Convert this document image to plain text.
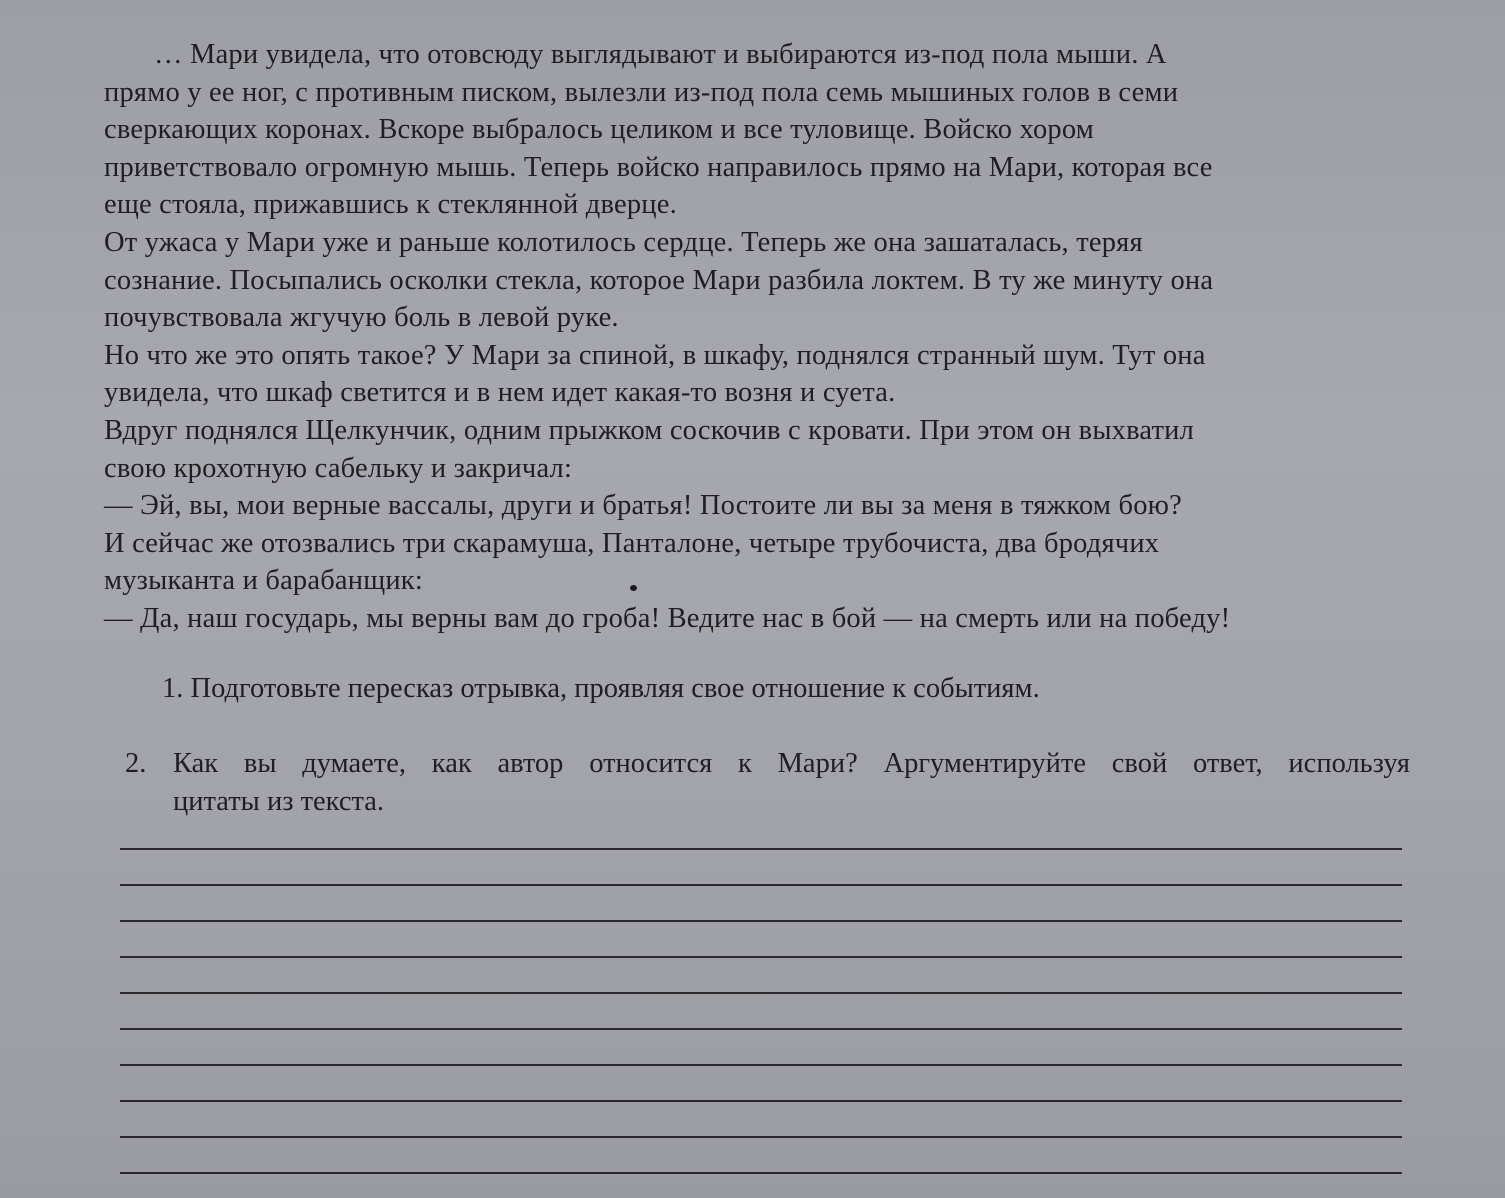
… Мари увидела, что отовсюду выглядывают и выбираются из-под пола мыши. А
прямо у ее ног, с противным писком, вылезли из-под пола семь мышиных голов в семи
сверкающих коронах. Вскоре выбралось целиком и все туловище. Войско хором
приветствовало огромную мышь. Теперь войско направилось прямо на Мари, которая все
еще стояла, прижавшись к стеклянной дверце.
От ужаса у Мари уже и раньше колотилось сердце. Теперь же она зашаталась, теряя
сознание. Посыпались осколки стекла, которое Мари разбила локтем. В ту же минуту она
почувствовала жгучую боль в левой руке.
Но что же это опять такое? У Мари за спиной, в шкафу, поднялся странный шум. Тут она
увидела, что шкаф светится и в нем идет какая-то возня и суета.
Вдруг поднялся Щелкунчик, одним прыжком соскочив с кровати. При этом он выхватил
свою крохотную сабельку и закричал:
— Эй, вы, мои верные вассалы, други и братья! Постоите ли вы за меня в тяжком бою?
И сейчас же отозвались три скарамуша, Панталоне, четыре трубочиста, два бродячих
музыканта и барабанщик:
— Да, наш государь, мы верны вам до гроба! Ведите нас в бой — на смерть или на победу!
1. Подготовьте пересказ отрывка, проявляя свое отношение к событиям.
2. Как вы думаете, как автор относится к Мари? Аргументируйте свой ответ, используя
цитаты из текста.
